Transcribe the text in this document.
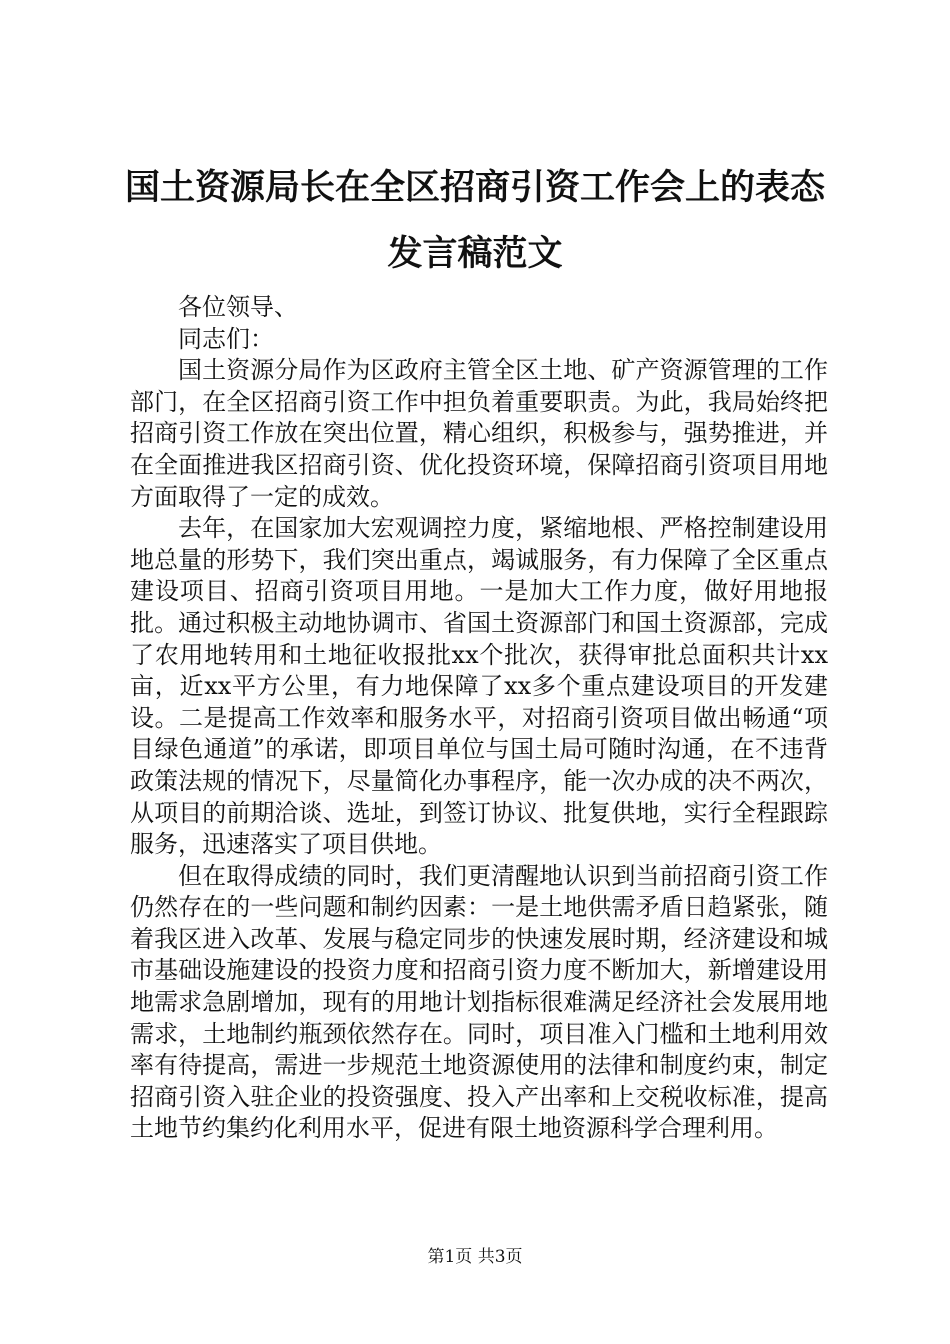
国土资源局长在全区招商引资工作会上的表态
发言稿范文

各位领导、

同志们：

国土资源分局作为区政府主管全区土地、矿产资源管理的工作部门，在全区招商引资工作中担负着重要职责。为此，我局始终把招商引资工作放在突出位置，精心组织，积极参与，强势推进，并在全面推进我区招商引资、优化投资环境，保障招商引资项目用地方面取得了一定的成效。

去年，在国家加大宏观调控力度，紧缩地根、严格控制建设用地总量的形势下，我们突出重点，竭诚服务，有力保障了全区重点建设项目、招商引资项目用地。一是加大工作力度，做好用地报批。通过积极主动地协调市、省国土资源部门和国土资源部，完成了农用地转用和土地征收报批xx个批次，获得审批总面积共计xx亩，近xx平方公里，有力地保障了xx多个重点建设项目的开发建设。二是提高工作效率和服务水平，对招商引资项目做出畅通“项目绿色通道”的承诺，即项目单位与国土局可随时沟通，在不违背政策法规的情况下，尽量简化办事程序，能一次办成的决不两次，从项目的前期洽谈、选址，到签订协议、批复供地，实行全程跟踪服务，迅速落实了项目供地。

但在取得成绩的同时，我们更清醒地认识到当前招商引资工作仍然存在的一些问题和制约因素：一是土地供需矛盾日趋紧张，随着我区进入改革、发展与稳定同步的快速发展时期，经济建设和城市基础设施建设的投资力度和招商引资力度不断加大，新增建设用地需求急剧增加，现有的用地计划指标很难满足经济社会发展用地需求，土地制约瓶颈依然存在。同时，项目准入门槛和土地利用效率有待提高，需进一步规范土地资源使用的法律和制度约束，制定招商引资入驻企业的投资强度、投入产出率和上交税收标准，提高土地节约集约化利用水平，促进有限土地资源科学合理利用。

第1页 共3页
